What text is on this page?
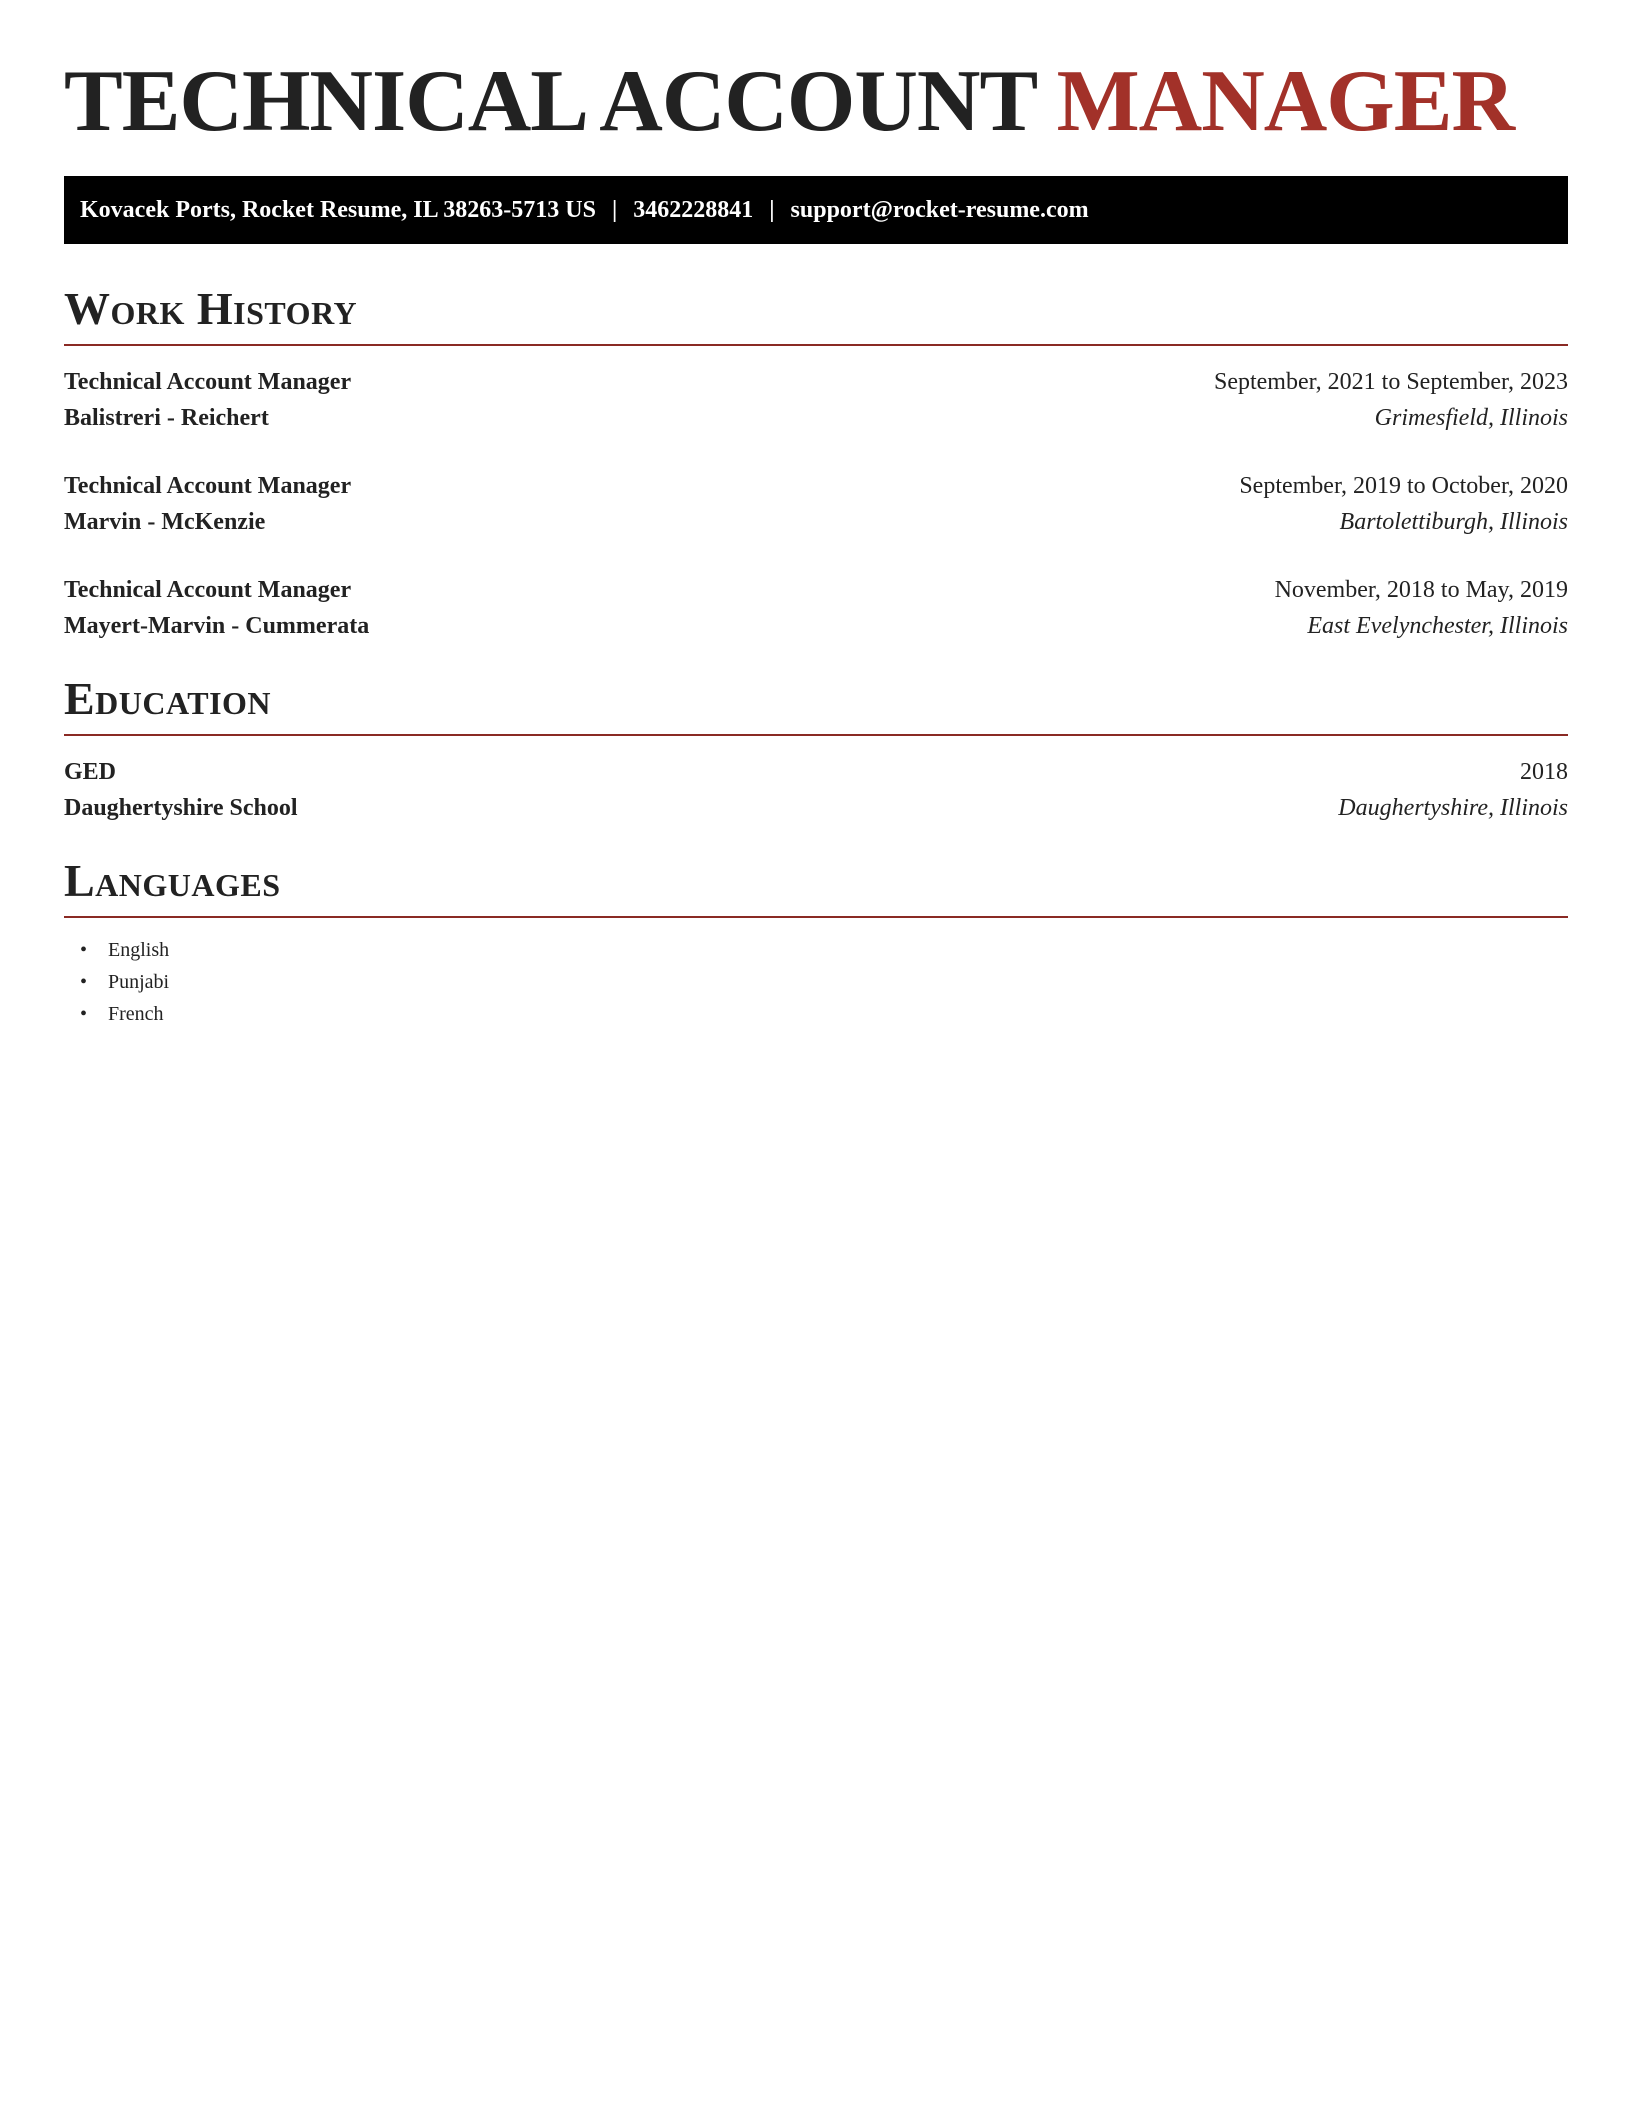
TECHNICAL ACCOUNT MANAGER
Kovacek Ports, Rocket Resume, IL 38263-5713 US | 3462228841 | support@rocket-resume.com
Work History
Technical Account Manager	September, 2021 to September, 2023
Balistreri - Reichert	Grimesfield, Illinois
Technical Account Manager	September, 2019 to October, 2020
Marvin - McKenzie	Bartolettiburgh, Illinois
Technical Account Manager	November, 2018 to May, 2019
Mayert-Marvin - Cummerata	East Evelynchester, Illinois
Education
GED	2018
Daughertyshire School	Daughertyshire, Illinois
Languages
• English
• Punjabi
• French
